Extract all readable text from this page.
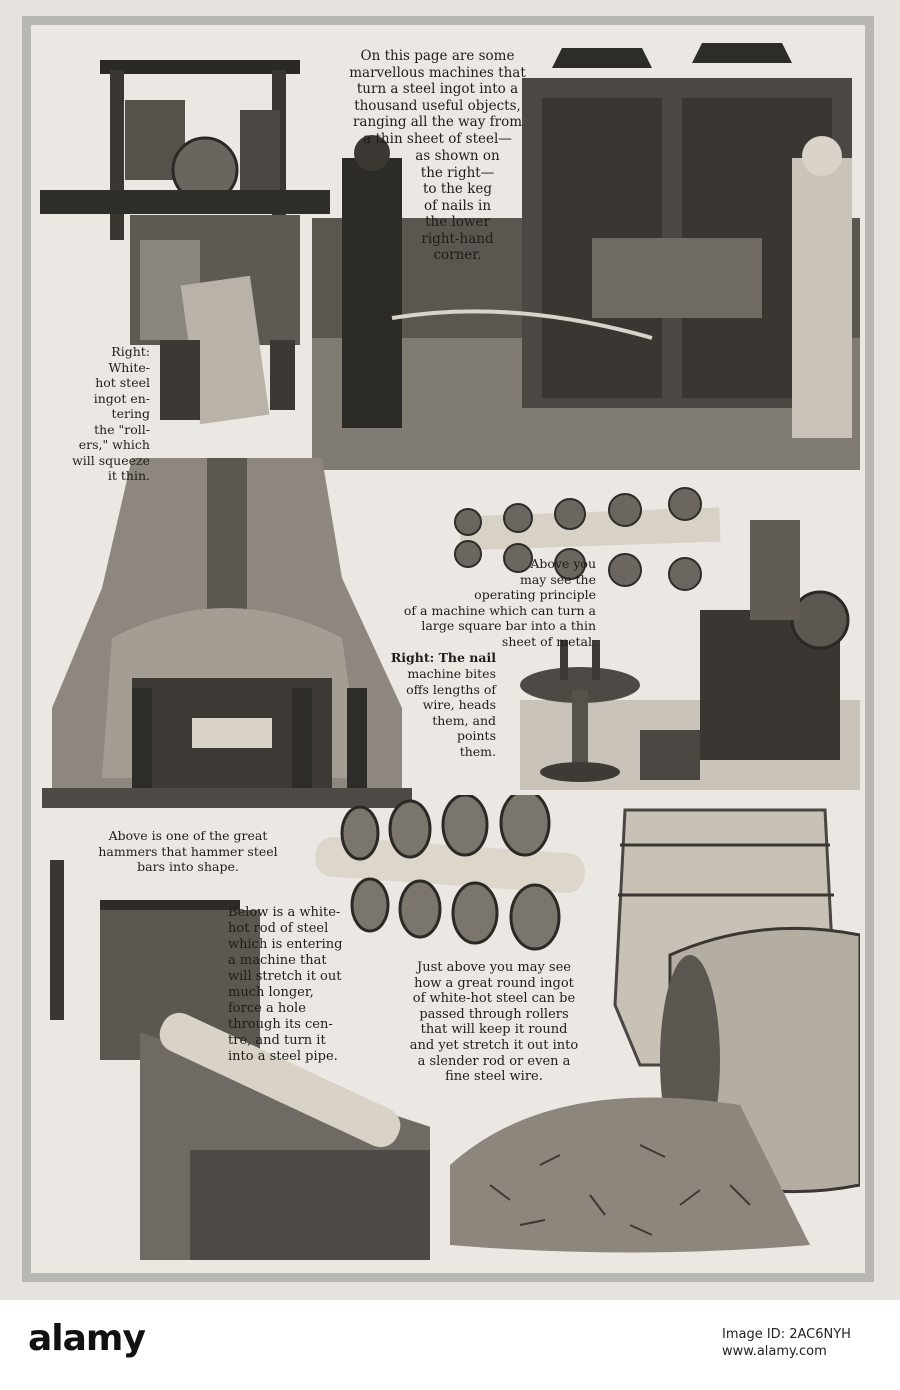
On this page are some
marvellous machines that
turn a steel ingot into a
thousand useful objects,
ranging all the way from
a thin sheet of steel—
as shown on
the right—
to the keg
of nails in
the lower
right-hand
corner.
Right:
White-
hot steel
ingot en-
tering
the "roll-
ers," which
will squeeze
it thin.
Above you
may see the
operating principle
of a machine which can turn a
large square bar into a thin
sheet of metal.
Right: The nail
machine bites
offs lengths of
wire, heads
them, and
points
them.
Above is one of the great
hammers that hammer steel
bars into shape.
Below is a white-
hot rod of steel
which is entering
a machine that
will stretch it out
much longer,
force a hole
through its cen-
tre, and turn it
into a steel pipe.
Just above you may see
how a great round ingot
of white-hot steel can be
passed through rollers
that will keep it round
and yet stretch it out into
a slender rod or even a
fine steel wire.
alamy	Image ID: 2AC6NYH
www.alamy.com
